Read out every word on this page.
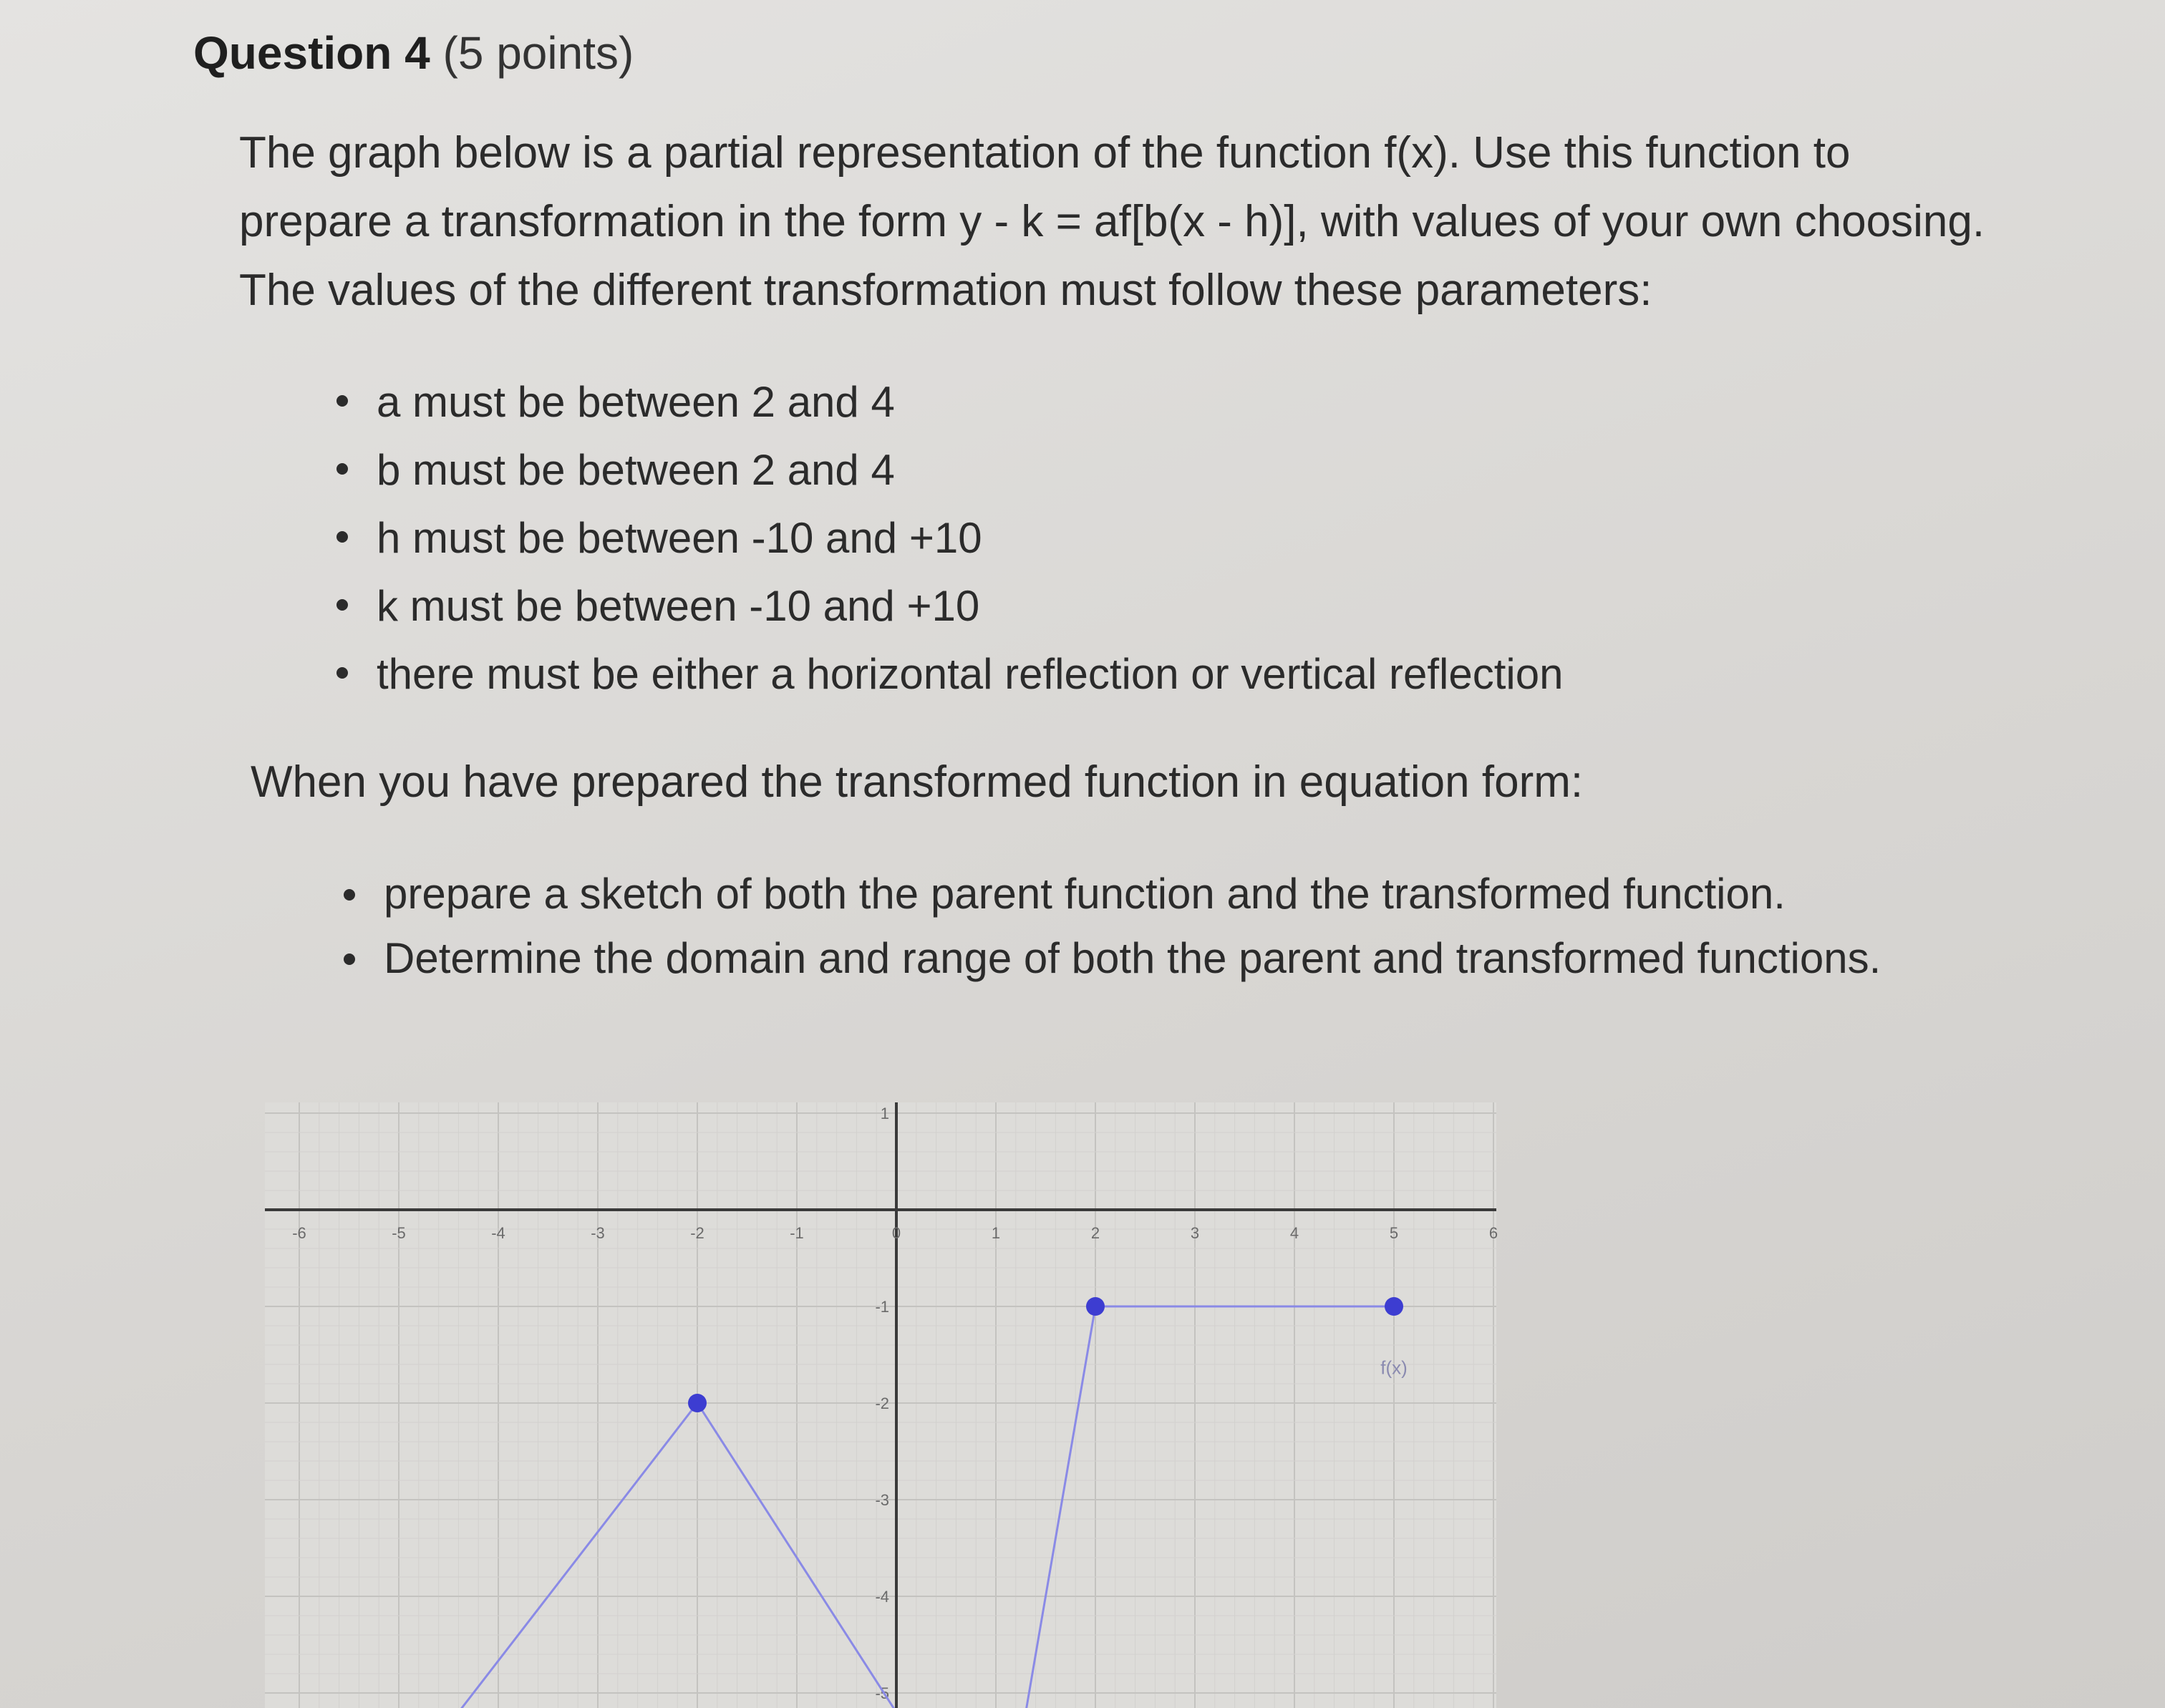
Question 4 (5 points)
The graph below is a partial representation of the function f(x). Use this function to prepare a transformation in the form y - k = af[b(x - h)], with values of your own choosing. The values of the different transformation must follow these parameters:
a must be between 2 and 4
b must be between 2 and 4
h must be between -10 and +10
k must be between -10 and +10
there must be either a horizontal reflection or vertical reflection
When you have prepared the transformed function in equation form:
prepare a sketch of both the parent function and the transformed function.
Determine the domain and range of both the parent and transformed functions.
-6	-5	-4	-3	-2	-1	0	1	2	3	4	5	6
1
-1
-2
-3
-4
-5
f(x)
